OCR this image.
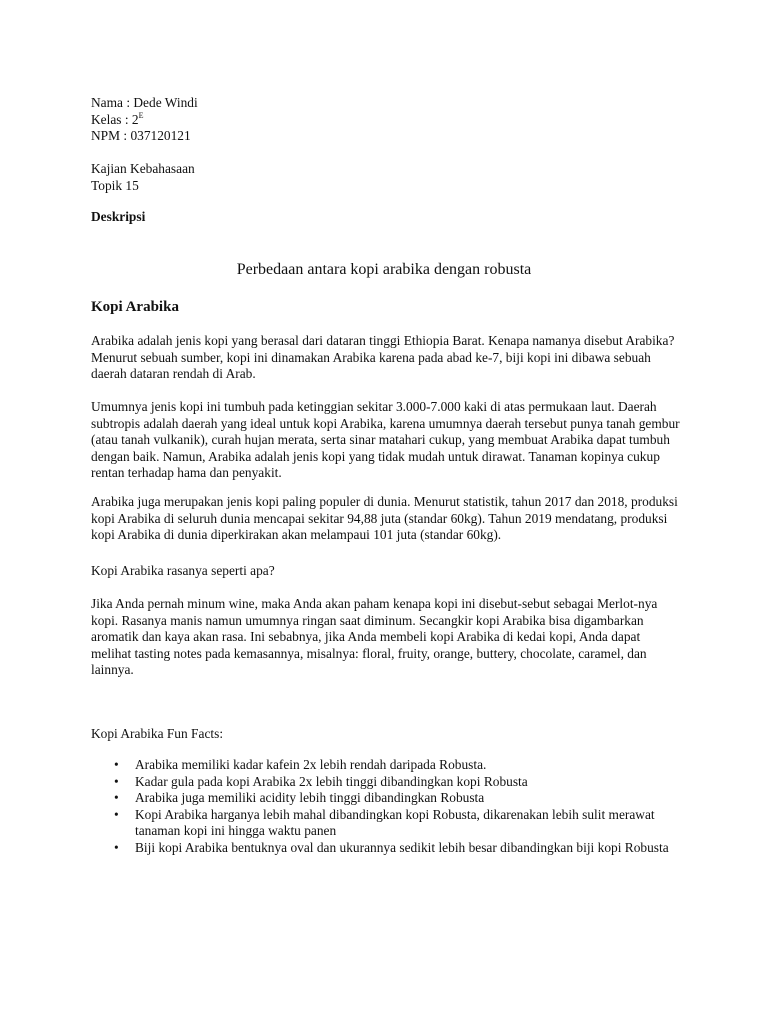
Nama : Dede Windi
Kelas : $2^E$
NPM : 037120121
Kajian Kebahasaan
Topik 15
Deskripsi
Perbedaan antara kopi arabika dengan robusta
Kopi Arabika

Arabika adalah jenis kopi yang berasal dari dataran tinggi Ethiopia Barat. Kenapa namanya disebut Arabika? Menurut sebuah sumber, kopi ini dinamakan Arabika karena pada abad ke-7, biji kopi ini dibawa sebuah daerah dataran rendah di Arab.

Umumnya jenis kopi ini tumbuh pada ketinggian sekitar 3.000-7.000 kaki di atas permukaan laut. Daerah subtropis adalah daerah yang ideal untuk kopi Arabika, karena umumnya daerah tersebut punya tanah gembur (atau tanah vulkanik), curah hujan merata, serta sinar matahari cukup, yang membuat Arabika dapat tumbuh dengan baik. Namun, Arabika adalah jenis kopi yang tidak mudah untuk dirawat. Tanaman kopinya cukup rentan terhadap hama dan penyakit.

Arabika juga merupakan jenis kopi paling populer di dunia. Menurut statistik, tahun 2017 dan 2018, produksi kopi Arabika di seluruh dunia mencapai sekitar 94,88 juta (standar 60kg). Tahun 2019 mendatang, produksi kopi Arabika di dunia diperkirakan akan melampaui 101 juta (standar 60kg).

Kopi Arabika rasanya seperti apa?

Jika Anda pernah minum wine, maka Anda akan paham kenapa kopi ini disebut-sebut sebagai Merlot-nya kopi. Rasanya manis namun umumnya ringan saat diminum. Secangkir kopi Arabika bisa digambarkan aromatik dan kaya akan rasa. Ini sebabnya, jika Anda membeli kopi Arabika di kedai kopi, Anda dapat melihat tasting notes pada kemasannya, misalnya: floral, fruity, orange, buttery, chocolate, caramel, dan lainnya.

Kopi Arabika Fun Facts:

• Arabika memiliki kadar kafein 2x lebih rendah daripada Robusta.
• Kadar gula pada kopi Arabika 2x lebih tinggi dibandingkan kopi Robusta
• Arabika juga memiliki acidity lebih tinggi dibandingkan Robusta
• Kopi Arabika harganya lebih mahal dibandingkan kopi Robusta, dikarenakan lebih sulit merawat tanaman kopi ini hingga waktu panen
• Biji kopi Arabika bentuknya oval dan ukurannya sedikit lebih besar dibandingkan biji kopi Robusta
